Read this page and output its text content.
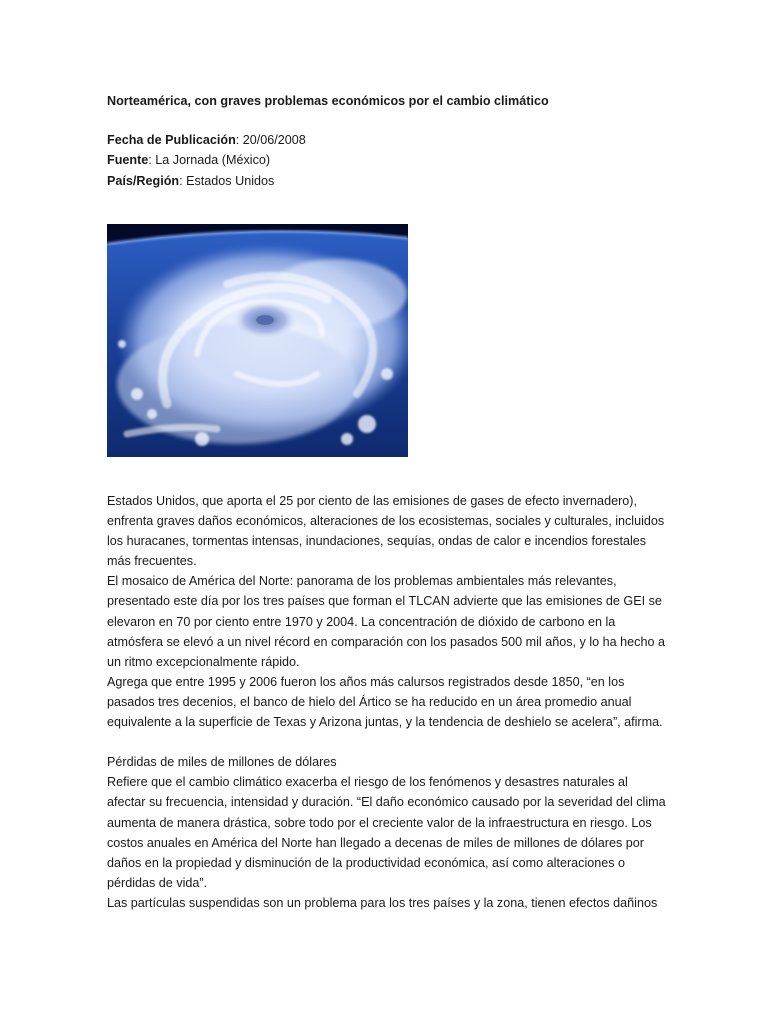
Norteamérica, con graves problemas económicos por el cambio climático
Fecha de Publicación: 20/06/2008
Fuente: La Jornada (México)
País/Región: Estados Unidos

Estados Unidos, que aporta el 25 por ciento de las emisiones de gases de efecto invernadero), enfrenta graves daños económicos, alteraciones de los ecosistemas, sociales y culturales, incluidos los huracanes, tormentas intensas, inundaciones, sequías, ondas de calor e incendios forestales más frecuentes.

El mosaico de América del Norte: panorama de los problemas ambientales más relevantes, presentado este día por los tres países que forman el TLCAN advierte que las emisiones de GEI se elevaron en 70 por ciento entre 1970 y 2004. La concentración de dióxido de carbono en la atmósfera se elevó a un nivel récord en comparación con los pasados 500 mil años, y lo ha hecho a un ritmo excepcionalmente rápido.

Agrega que entre 1995 y 2006 fueron los años más calursos registrados desde 1850, “en los pasados tres decenios, el banco de hielo del Ártico se ha reducido en un área promedio anual equivalente a la superficie de Texas y Arizona juntas, y la tendencia de deshielo se acelera”, afirma.

Pérdidas de miles de millones de dólares

Refiere que el cambio climático exacerba el riesgo de los fenómenos y desastres naturales al afectar su frecuencia, intensidad y duración. “El daño económico causado por la severidad del clima aumenta de manera drástica, sobre todo por el creciente valor de la infraestructura en riesgo. Los costos anuales en América del Norte han llegado a decenas de miles de millones de dólares por daños en la propiedad y disminución de la productividad económica, así como alteraciones o pérdidas de vida”.

Las partículas suspendidas son un problema para los tres países y la zona, tienen efectos dañinos
